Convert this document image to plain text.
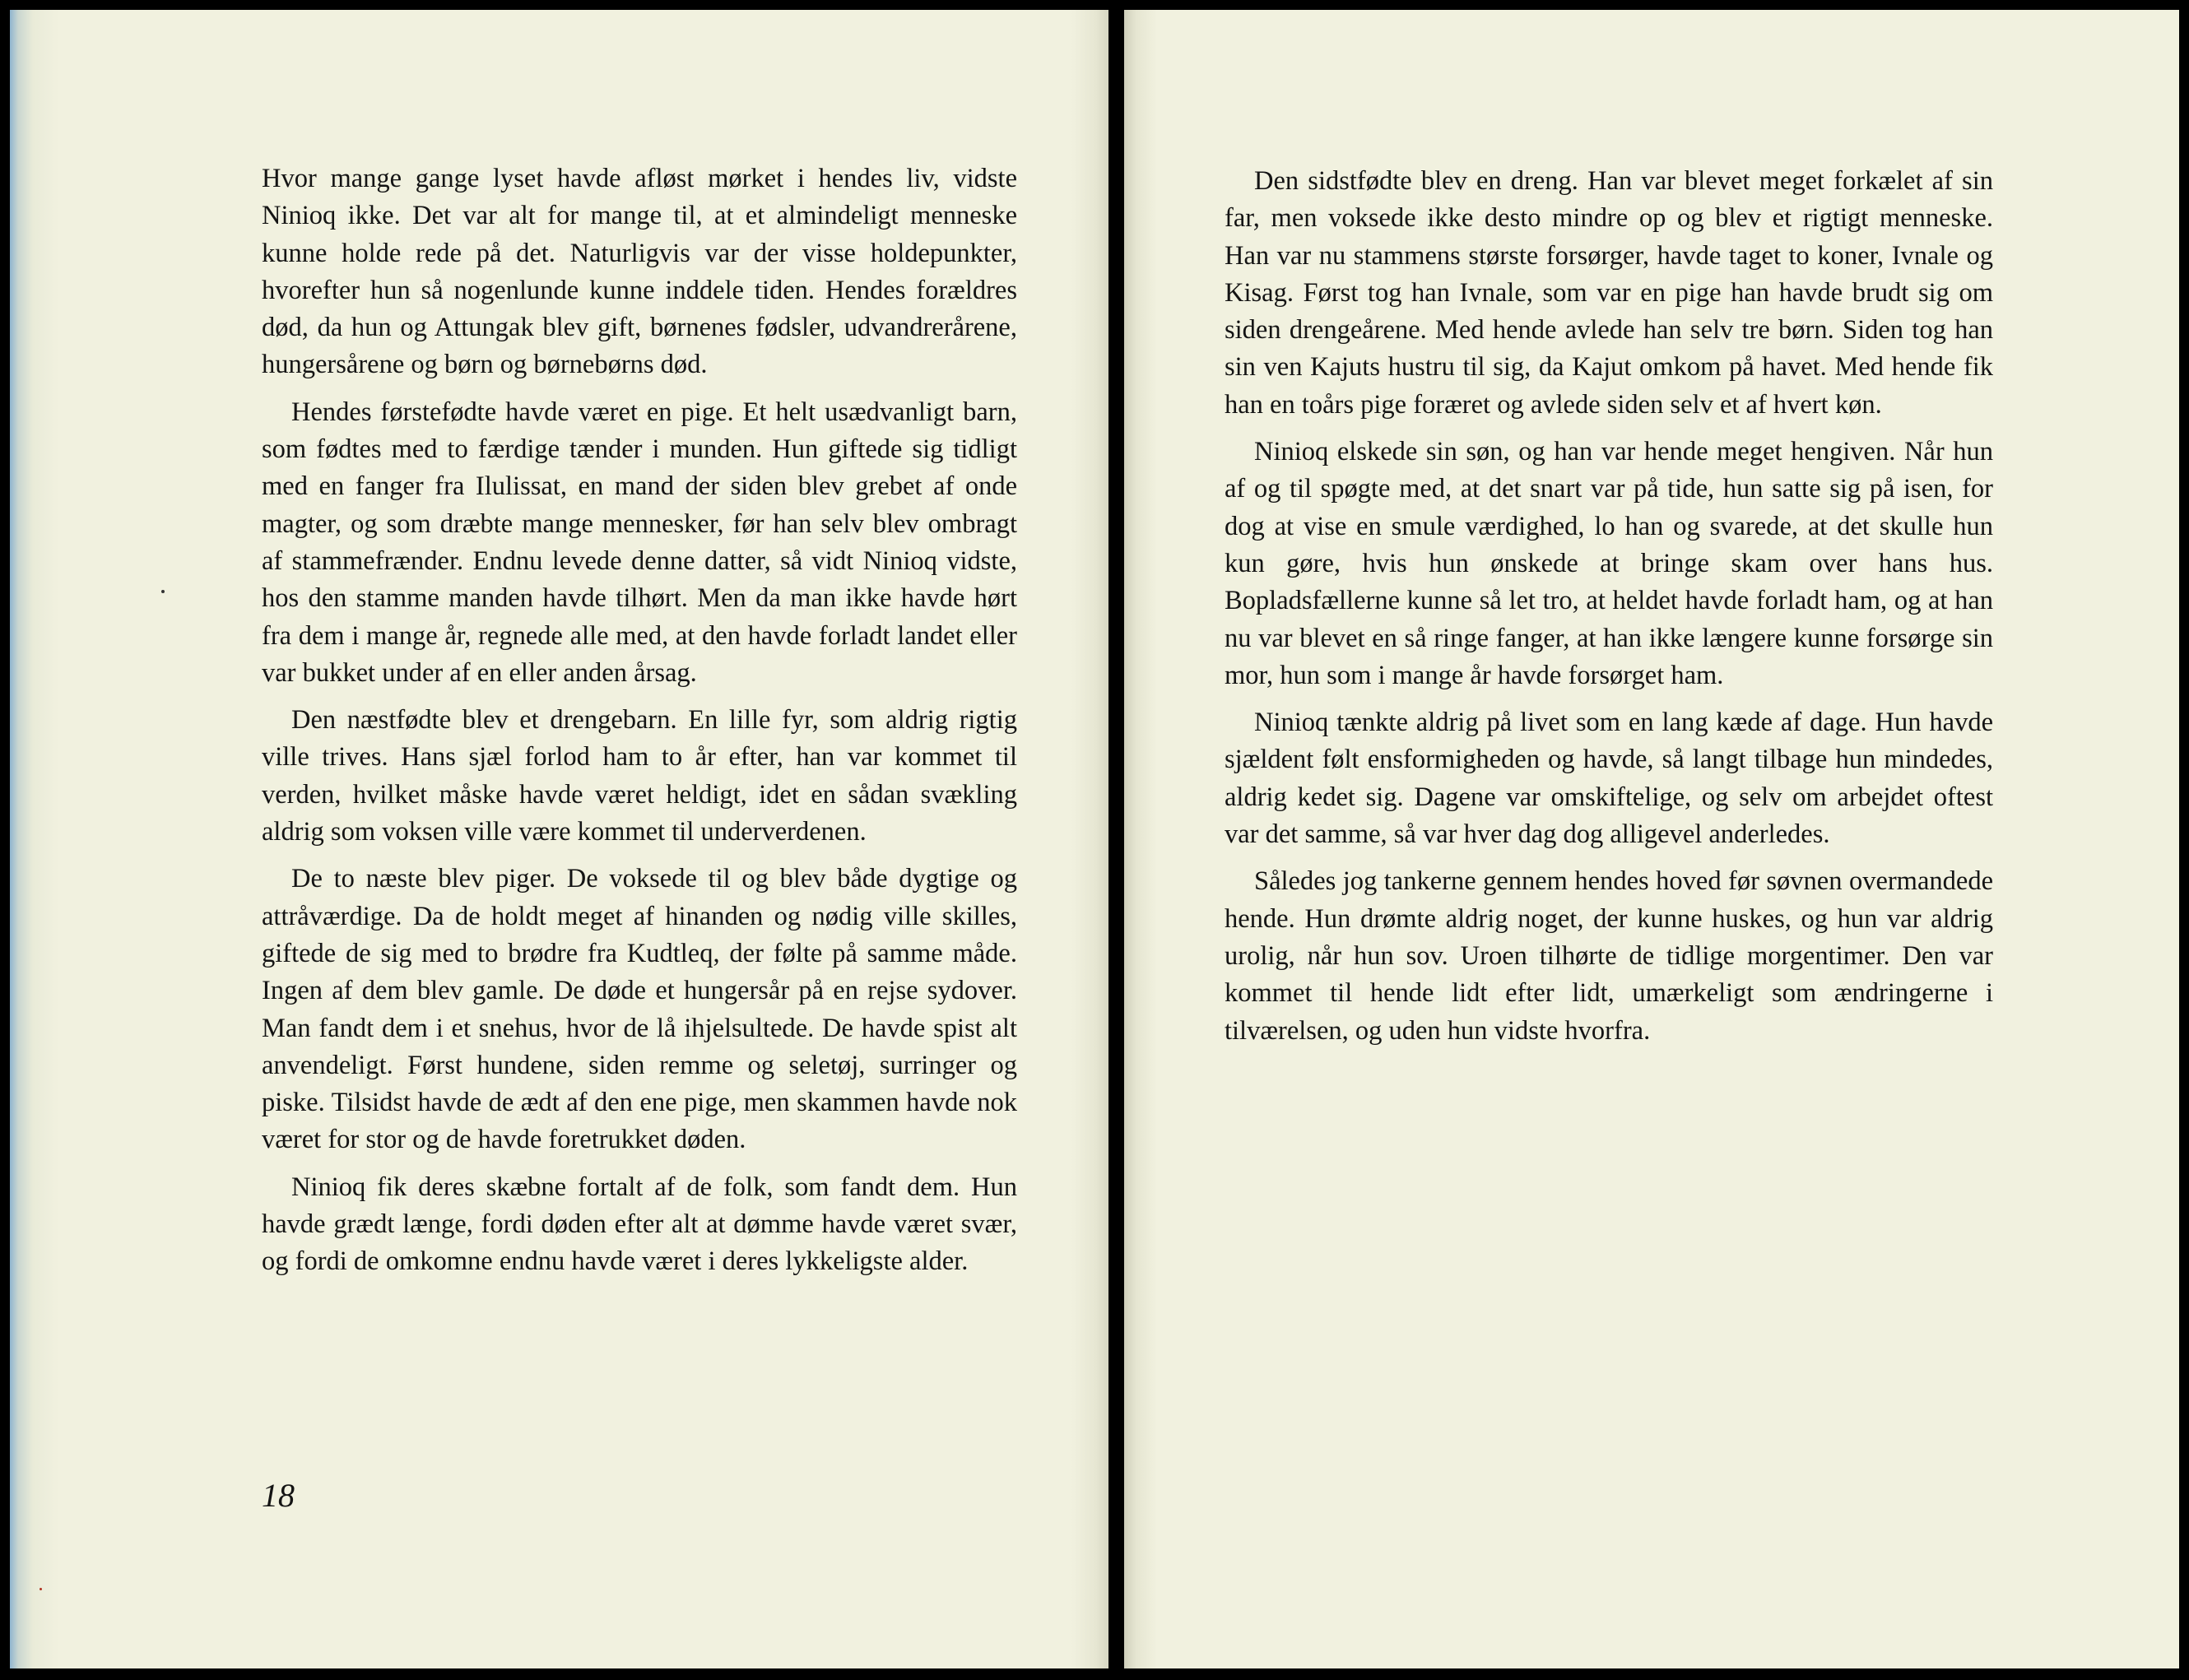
Hvor mange gange lyset havde afløst mørket i hendes liv, vidste Ninioq ikke. Det var alt for mange til, at et almindeligt menneske kunne holde rede på det. Naturligvis var der visse holdepunkter, hvorefter hun så nogenlunde kunne inddele tiden. Hendes forældres død, da hun og Attungak blev gift, børnenes fødsler, udvandrerårene, hungersårene og børn og børnebørns død.

Hendes førstefødte havde været en pige. Et helt usædvanligt barn, som fødtes med to færdige tænder i munden. Hun giftede sig tidligt med en fanger fra Ilulissat, en mand der siden blev grebet af onde magter, og som dræbte mange mennesker, før han selv blev ombragt af stammefrænder. Endnu levede denne datter, så vidt Ninioq vidste, hos den stamme manden havde tilhørt. Men da man ikke havde hørt fra dem i mange år, regnede alle med, at den havde forladt landet eller var bukket under af en eller anden årsag.

Den næstfødte blev et drengebarn. En lille fyr, som aldrig rigtig ville trives. Hans sjæl forlod ham to år efter, han var kommet til verden, hvilket måske havde været heldigt, idet en sådan svækling aldrig som voksen ville være kommet til underverdenen.

De to næste blev piger. De voksede til og blev både dygtige og attråværdige. Da de holdt meget af hinanden og nødig ville skilles, giftede de sig med to brødre fra Kudtleq, der følte på samme måde. Ingen af dem blev gamle. De døde et hungersår på en rejse sydover. Man fandt dem i et snehus, hvor de lå ihjelsultede. De havde spist alt anvendeligt. Først hundene, siden remme og seletøj, surringer og piske. Tilsidst havde de ædt af den ene pige, men skammen havde nok været for stor og de havde foretrukket døden.

Ninioq fik deres skæbne fortalt af de folk, som fandt dem. Hun havde grædt længe, fordi døden efter alt at dømme havde været svær, og fordi de omkomne endnu havde været i deres lykkeligste alder.

18

Den sidstfødte blev en dreng. Han var blevet meget forkælet af sin far, men voksede ikke desto mindre op og blev et rigtigt menneske. Han var nu stammens største forsørger, havde taget to koner, Ivnale og Kisag. Først tog han Ivnale, som var en pige han havde brudt sig om siden drengeårene. Med hende avlede han selv tre børn. Siden tog han sin ven Kajuts hustru til sig, da Kajut omkom på havet. Med hende fik han en toårs pige foræret og avlede siden selv et af hvert køn.

Ninioq elskede sin søn, og han var hende meget hengiven. Når hun af og til spøgte med, at det snart var på tide, hun satte sig på isen, for dog at vise en smule værdighed, lo han og svarede, at det skulle hun kun gøre, hvis hun ønskede at bringe skam over hans hus. Bopladsfællerne kunne så let tro, at heldet havde forladt ham, og at han nu var blevet en så ringe fanger, at han ikke længere kunne forsørge sin mor, hun som i mange år havde forsørget ham.

Ninioq tænkte aldrig på livet som en lang kæde af dage. Hun havde sjældent følt ensformigheden og havde, så langt tilbage hun mindedes, aldrig kedet sig. Dagene var omskiftelige, og selv om arbejdet oftest var det samme, så var hver dag dog alligevel anderledes.

Således jog tankerne gennem hendes hoved før søvnen overmandede hende. Hun drømte aldrig noget, der kunne huskes, og hun var aldrig urolig, når hun sov. Uroen tilhørte de tidlige morgentimer. Den var kommet til hende lidt efter lidt, umærkeligt som ændringerne i tilværelsen, og uden hun vidste hvorfra.
